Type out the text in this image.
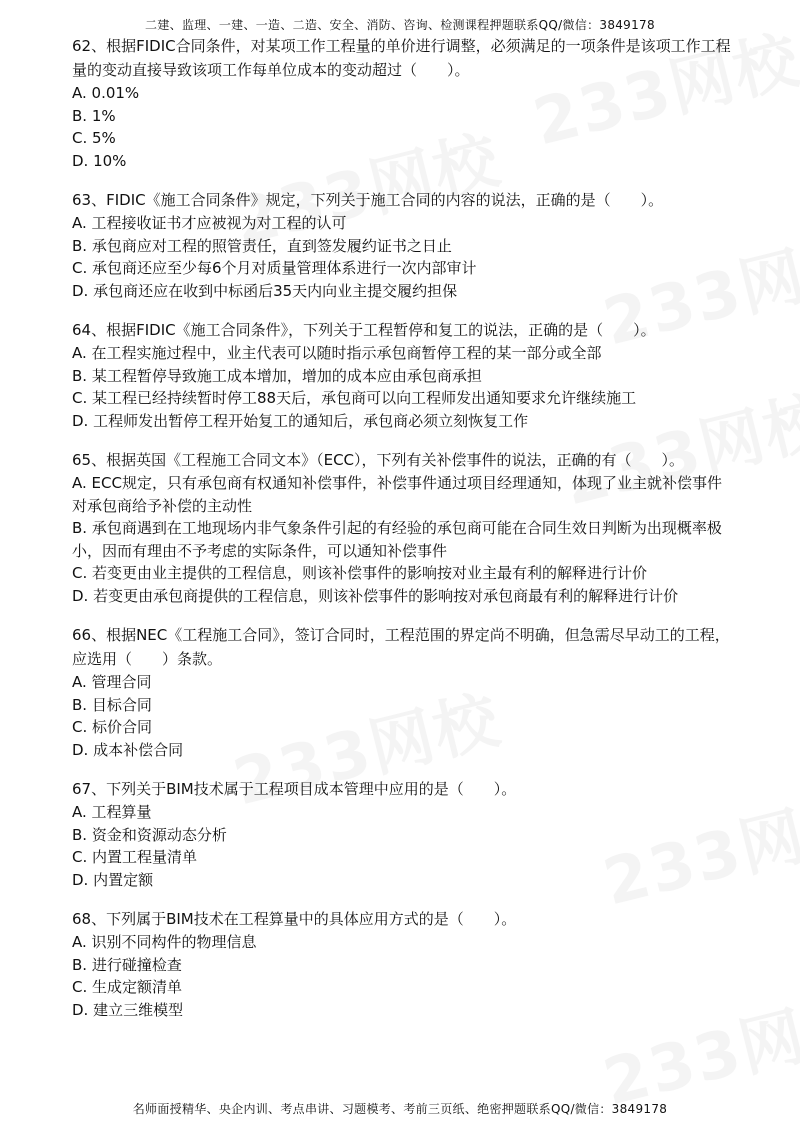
二建、监理、一建、一造、二造、安全、消防、咨询、检测课程押题联系QQ/微信：3849178

62、根据FIDIC合同条件，对某项工作工程量的单价进行调整，必须满足的一项条件是该项工作工程量的变动直接导致该项工作每单位成本的变动超过（　　）。

A. 0.01%

B. 1%

C. 5%

D. 10%

63、FIDIC《施工合同条件》规定，下列关于施工合同的内容的说法，正确的是（　　）。

A. 工程接收证书才应被视为对工程的认可

B. 承包商应对工程的照管责任，直到签发履约证书之日止

C. 承包商还应至少每6个月对质量管理体系进行一次内部审计

D. 承包商还应在收到中标函后35天内向业主提交履约担保

64、根据FIDIC《施工合同条件》，下列关于工程暂停和复工的说法，正确的是（　　）。

A. 在工程实施过程中，业主代表可以随时指示承包商暂停工程的某一部分或全部

B. 某工程暂停导致施工成本增加，增加的成本应由承包商承担

C. 某工程已经持续暂时停工88天后，承包商可以向工程师发出通知要求允许继续施工

D. 工程师发出暂停工程开始复工的通知后，承包商必须立刻恢复工作

65、根据英国《工程施工合同文本》（ECC），下列有关补偿事件的说法，正确的有（　　）。

A. ECC规定，只有承包商有权通知补偿事件，补偿事件通过项目经理通知，体现了业主就补偿事件对承包商给予补偿的主动性

B. 承包商遇到在工地现场内非气象条件引起的有经验的承包商可能在合同生效日判断为出现概率极小，因而有理由不予考虑的实际条件，可以通知补偿事件

C. 若变更由业主提供的工程信息，则该补偿事件的影响按对业主最有利的解释进行计价

D. 若变更由承包商提供的工程信息，则该补偿事件的影响按对承包商最有利的解释进行计价

66、根据NEC《工程施工合同》，签订合同时，工程范围的界定尚不明确，但急需尽早动工的工程，应选用（　　）条款。

A. 管理合同

B. 目标合同

C. 标价合同

D. 成本补偿合同

67、下列关于BIM技术属于工程项目成本管理中应用的是（　　）。

A. 工程算量

B. 资金和资源动态分析

C. 内置工程量清单

D. 内置定额

68、下列属于BIM技术在工程算量中的具体应用方式的是（　　）。

A. 识别不同构件的物理信息

B. 进行碰撞检查

C. 生成定额清单

D. 建立三维模型

名师面授精华、央企内训、考点串讲、习题模考、考前三页纸、绝密押题联系QQ/微信：3849178
